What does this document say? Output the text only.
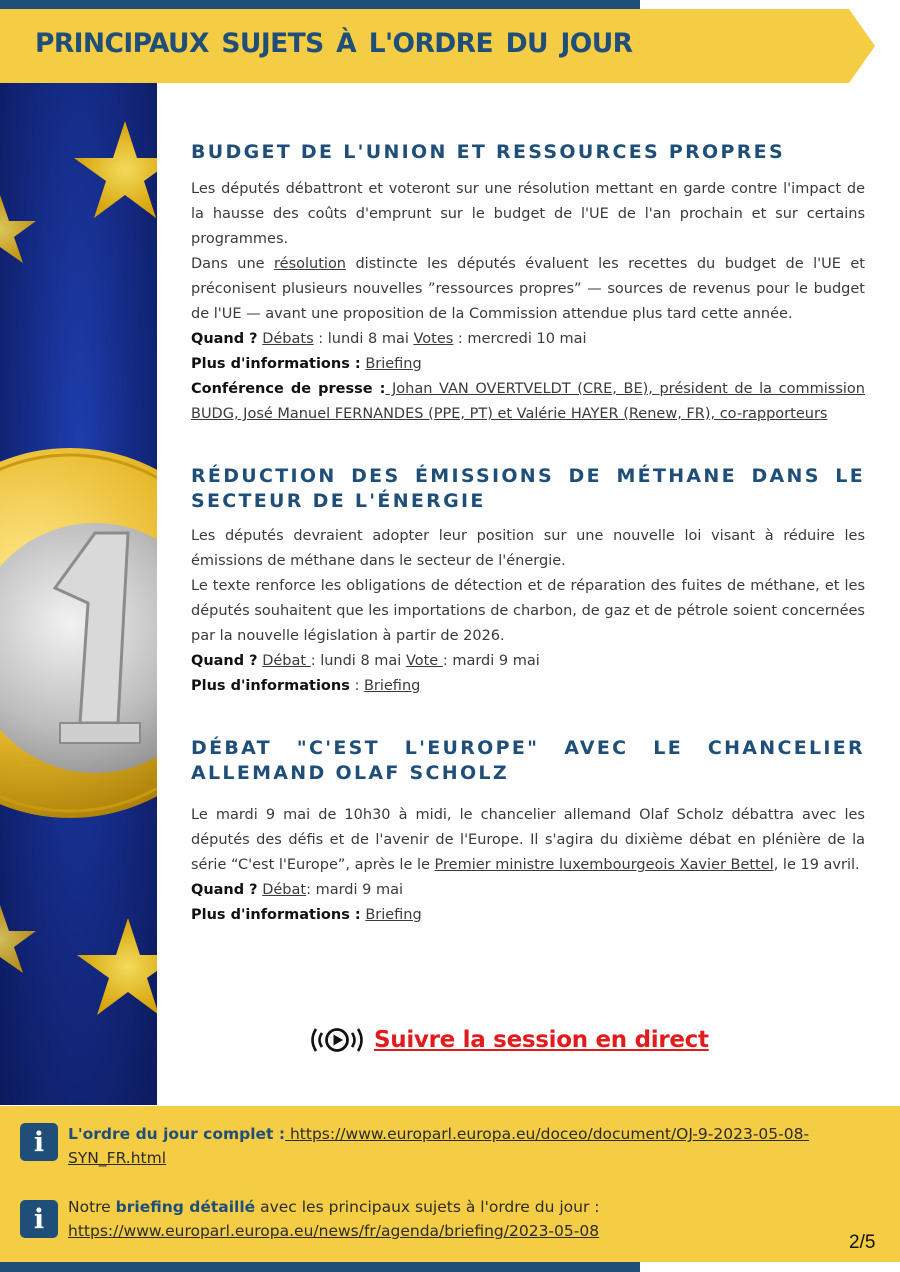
PRINCIPAUX SUJETS À L'ORDRE DU JOUR
BUDGET DE L'UNION ET RESSOURCES PROPRES

Les députés débattront et voteront sur une résolution mettant en garde contre l'impact de la hausse des coûts d'emprunt sur le budget de l'UE de l'an prochain et sur certains programmes.

Dans une résolution distincte les députés évaluent les recettes du budget de l'UE et préconisent plusieurs nouvelles ”ressources propres” — sources de revenus pour le budget de l'UE — avant une proposition de la Commission attendue plus tard cette année.

Quand ? Débats : lundi 8 mai Votes : mercredi 10 mai

Plus d'informations : Briefing

Conférence de presse : Johan VAN OVERTVELDT (CRE, BE), président de la commission BUDG, José Manuel FERNANDES (PPE, PT) et Valérie HAYER (Renew, FR), co-rapporteurs

RÉDUCTION DES ÉMISSIONS DE MÉTHANE DANS LE SECTEUR DE L'ÉNERGIE

Les députés devraient adopter leur position sur une nouvelle loi visant à réduire les émissions de méthane dans le secteur de l'énergie.

Le texte renforce les obligations de détection et de réparation des fuites de méthane, et les députés souhaitent que les importations de charbon, de gaz et de pétrole soient concernées par la nouvelle législation à partir de 2026.

Quand ? Débat : lundi 8 mai Vote : mardi 9 mai

Plus d'informations : Briefing

DÉBAT "C'EST L'EUROPE" AVEC LE CHANCELIER ALLEMAND OLAF SCHOLZ

Le mardi 9 mai de 10h30 à midi, le chancelier allemand Olaf Scholz débattra avec les députés des défis et de l'avenir de l'Europe. Il s'agira du dixième débat en plénière de la série “C'est l'Europe”, après le le Premier ministre luxembourgeois Xavier Bettel, le 19 avril.

Quand ? Débat: mardi 9 mai

Plus d'informations : Briefing

Suivre la session en direct
i	L'ordre du jour complet : https://www.europarl.europa.eu/doceo/document/OJ-9-2023-05-08-SYN_FR.html
i	Notre briefing détaillé avec les principaux sujets à l'ordre du jour :
https://www.europarl.europa.eu/news/fr/agenda/briefing/2023-05-08
2/5
